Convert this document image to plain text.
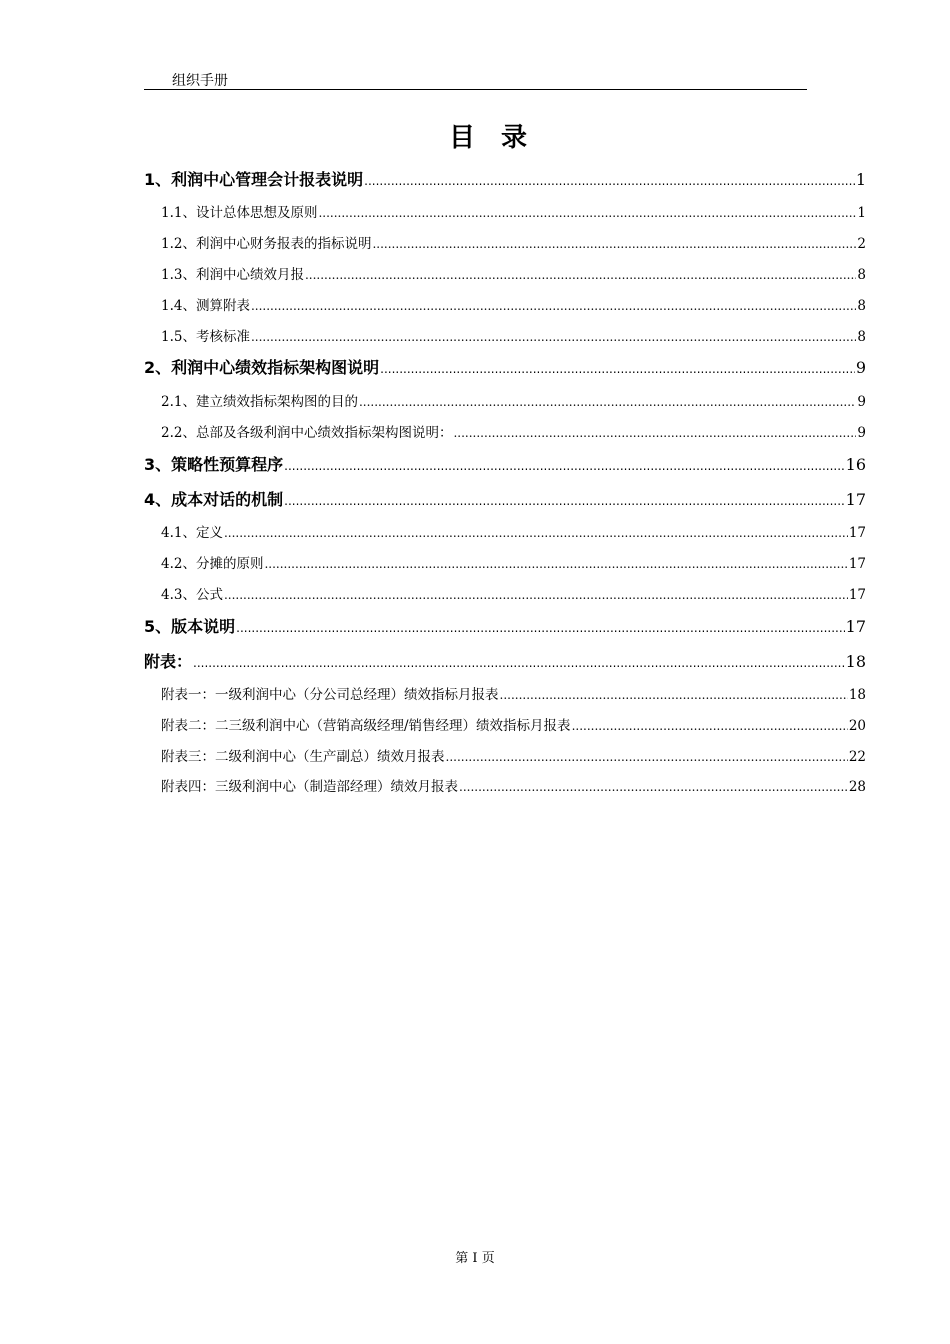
组织手册
目录
1、利润中心管理会计报表说明 .....	1
1.1、设计总体思想及原则 .....	1
1.2、利润中心财务报表的指标说明 .....	2
1.3、利润中心绩效月报 .....	8
1.4、测算附表 .....	8
1.5、考核标准 .....	8
2、利润中心绩效指标架构图说明 .....	9
2.1、建立绩效指标架构图的目的 .....	9
2.2、总部及各级利润中心绩效指标架构图说明： .....	9
3、策略性预算程序 .....	16
4、成本对话的机制 .....	17
4.1、定义 .....	17
4.2、分摊的原则 .....	17
4.3、公式 .....	17
5、版本说明 .....	17
附表： .....	18
附表一：一级利润中心（分公司总经理）绩效指标月报表 .....	18
附表二：二三级利润中心（营销高级经理/销售经理）绩效指标月报表 .....	20
附表三：二级利润中心（生产副总）绩效月报表 .....	22
附表四：三级利润中心（制造部经理）绩效月报表 .....	28
第 I 页
